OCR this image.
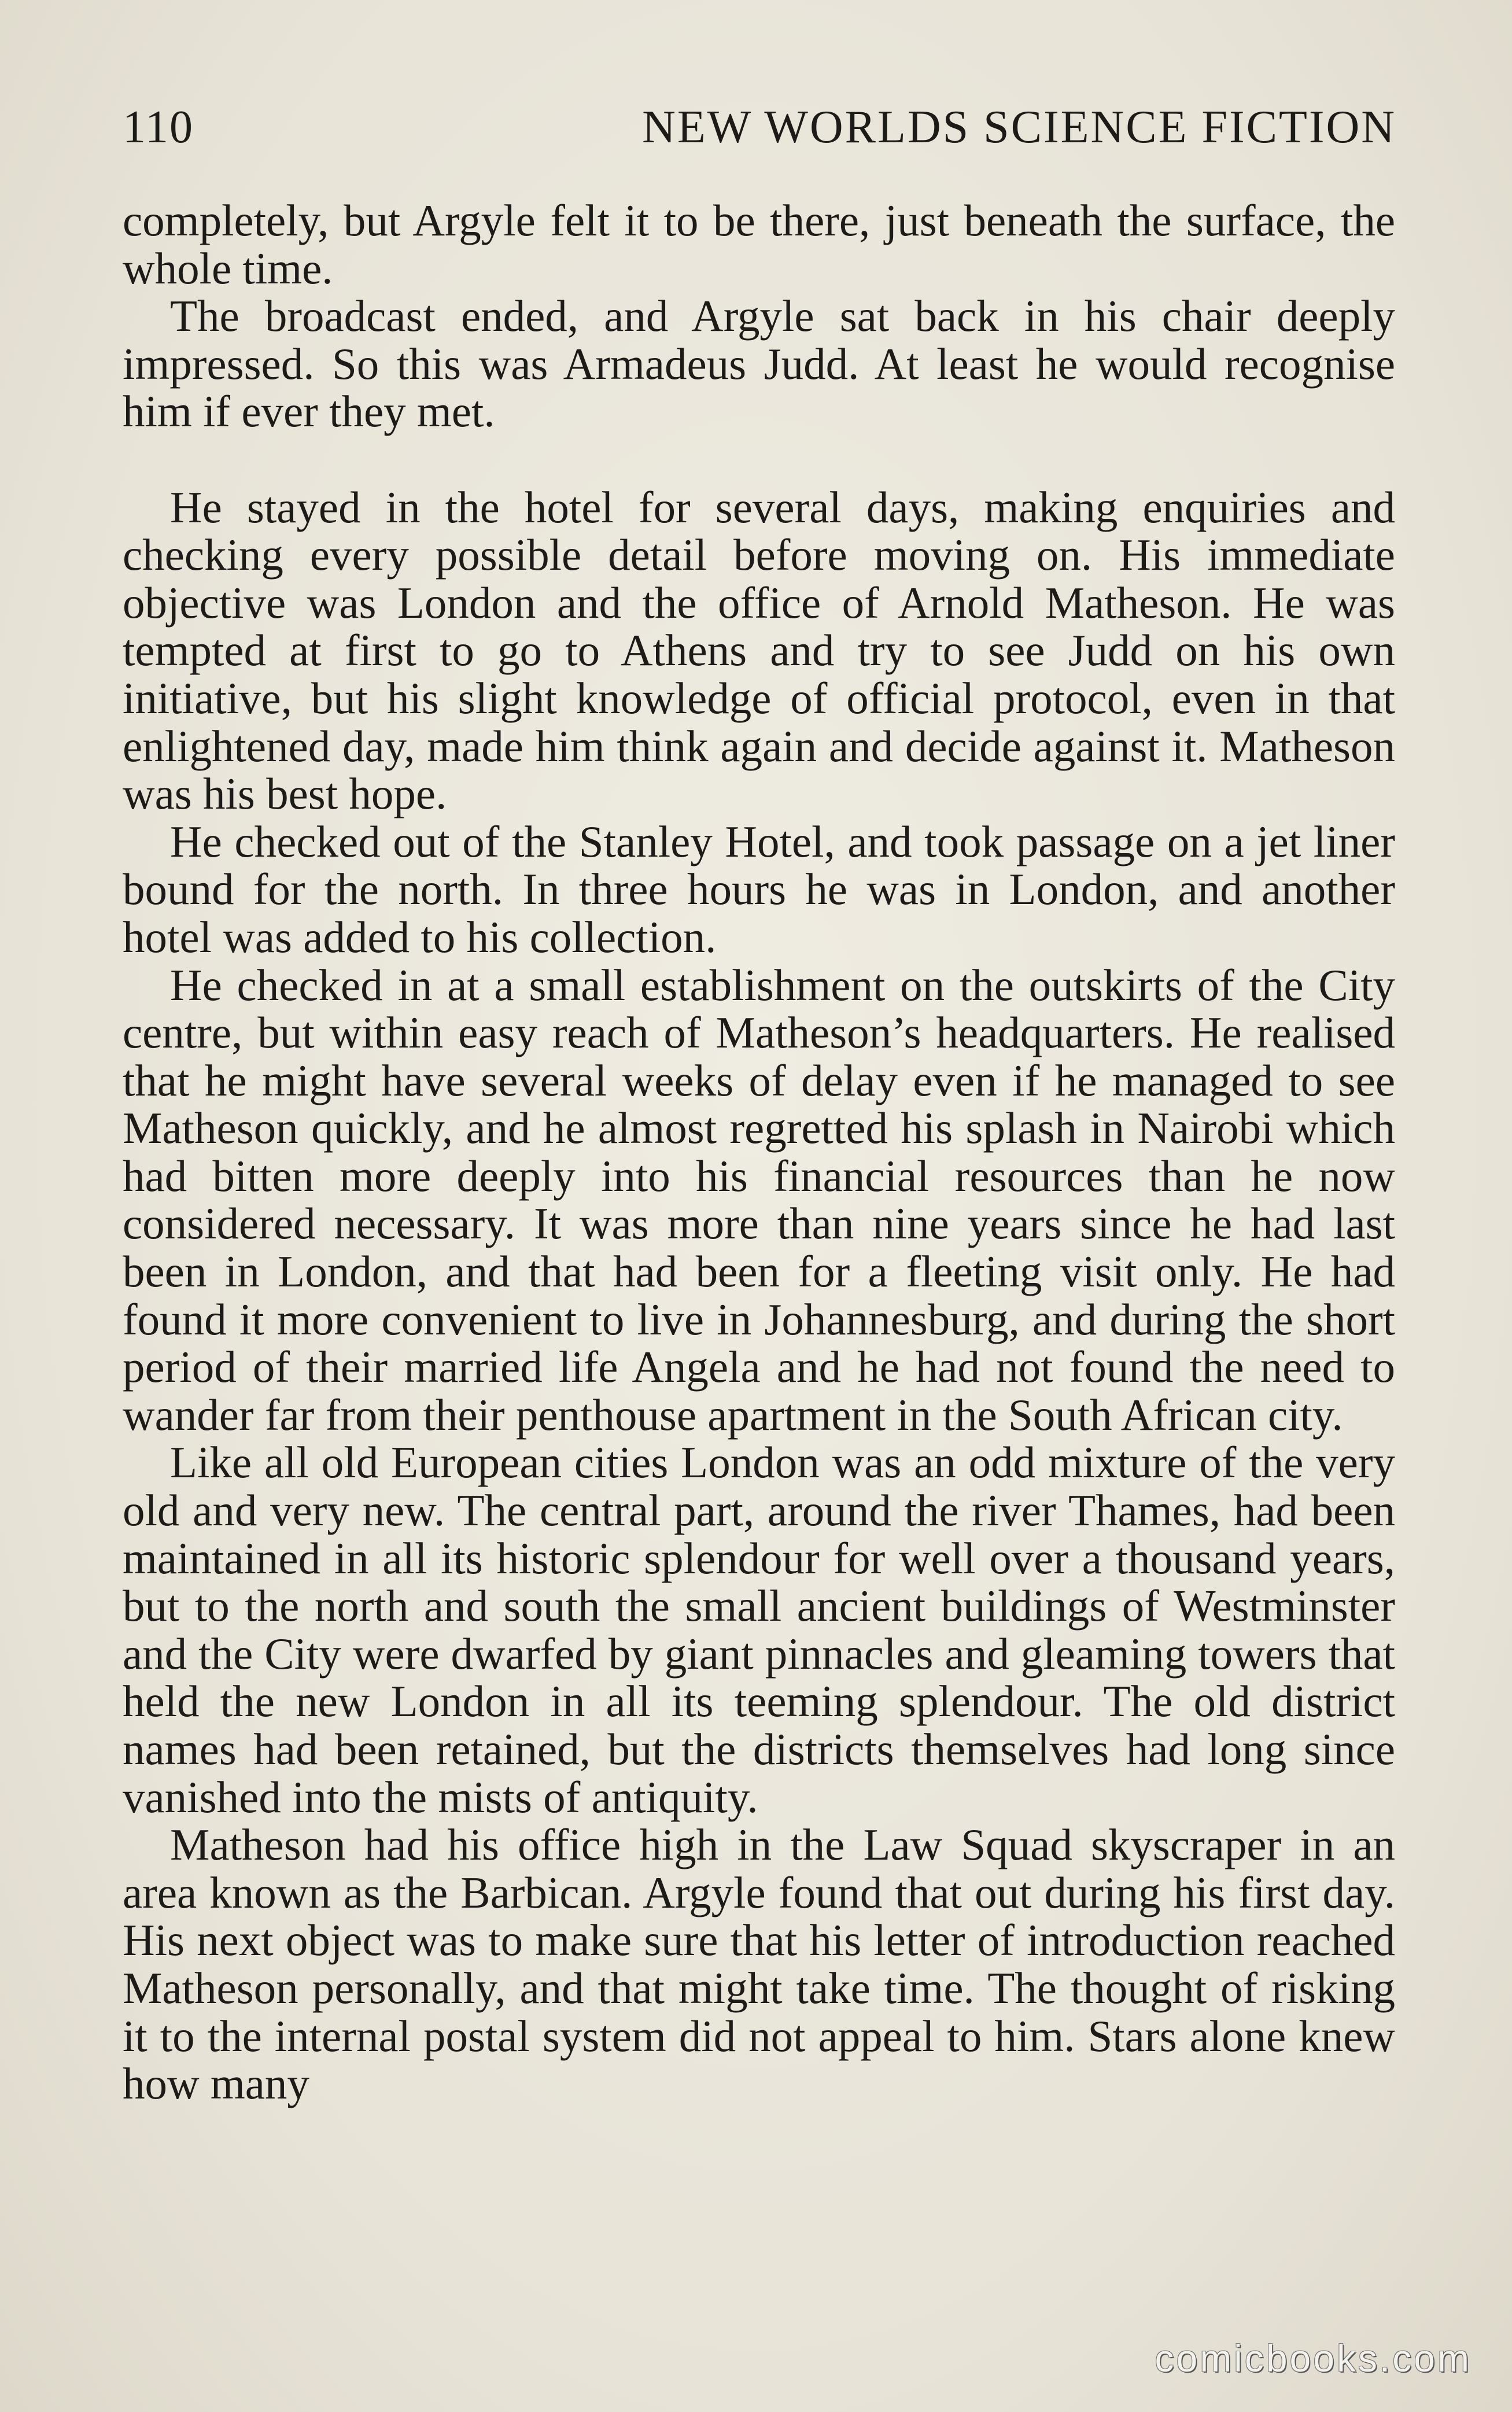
110	NEW WORLDS SCIENCE FICTION

completely, but Argyle felt it to be there, just beneath the surface, the whole time.

The broadcast ended, and Argyle sat back in his chair deeply impressed. So this was Armadeus Judd. At least he would recognise him if ever they met.

He stayed in the hotel for several days, making enquiries and checking every possible detail before moving on. His immediate objective was London and the office of Arnold Matheson. He was tempted at first to go to Athens and try to see Judd on his own initiative, but his slight knowledge of official protocol, even in that enlightened day, made him think again and decide against it. Matheson was his best hope.

He checked out of the Stanley Hotel, and took passage on a jet liner bound for the north. In three hours he was in London, and another hotel was added to his collection.

He checked in at a small establishment on the outskirts of the City centre, but within easy reach of Matheson’s headquarters. He realised that he might have several weeks of delay even if he managed to see Matheson quickly, and he almost regretted his splash in Nairobi which had bitten more deeply into his financial resources than he now considered necessary. It was more than nine years since he had last been in London, and that had been for a fleeting visit only. He had found it more convenient to live in Johannesburg, and during the short period of their married life Angela and he had not found the need to wander far from their penthouse apartment in the South African city.

Like all old European cities London was an odd mixture of the very old and very new. The central part, around the river Thames, had been maintained in all its historic splendour for well over a thousand years, but to the north and south the small ancient buildings of Westminster and the City were dwarfed by giant pinnacles and gleaming towers that held the new London in all its teeming splendour. The old district names had been retained, but the districts themselves had long since vanished into the mists of antiquity.

Matheson had his office high in the Law Squad skyscraper in an area known as the Barbican. Argyle found that out during his first day. His next object was to make sure that his letter of introduction reached Matheson personally, and that might take time. The thought of risking it to the internal postal system did not appeal to him. Stars alone knew how many

comicbooks.com
